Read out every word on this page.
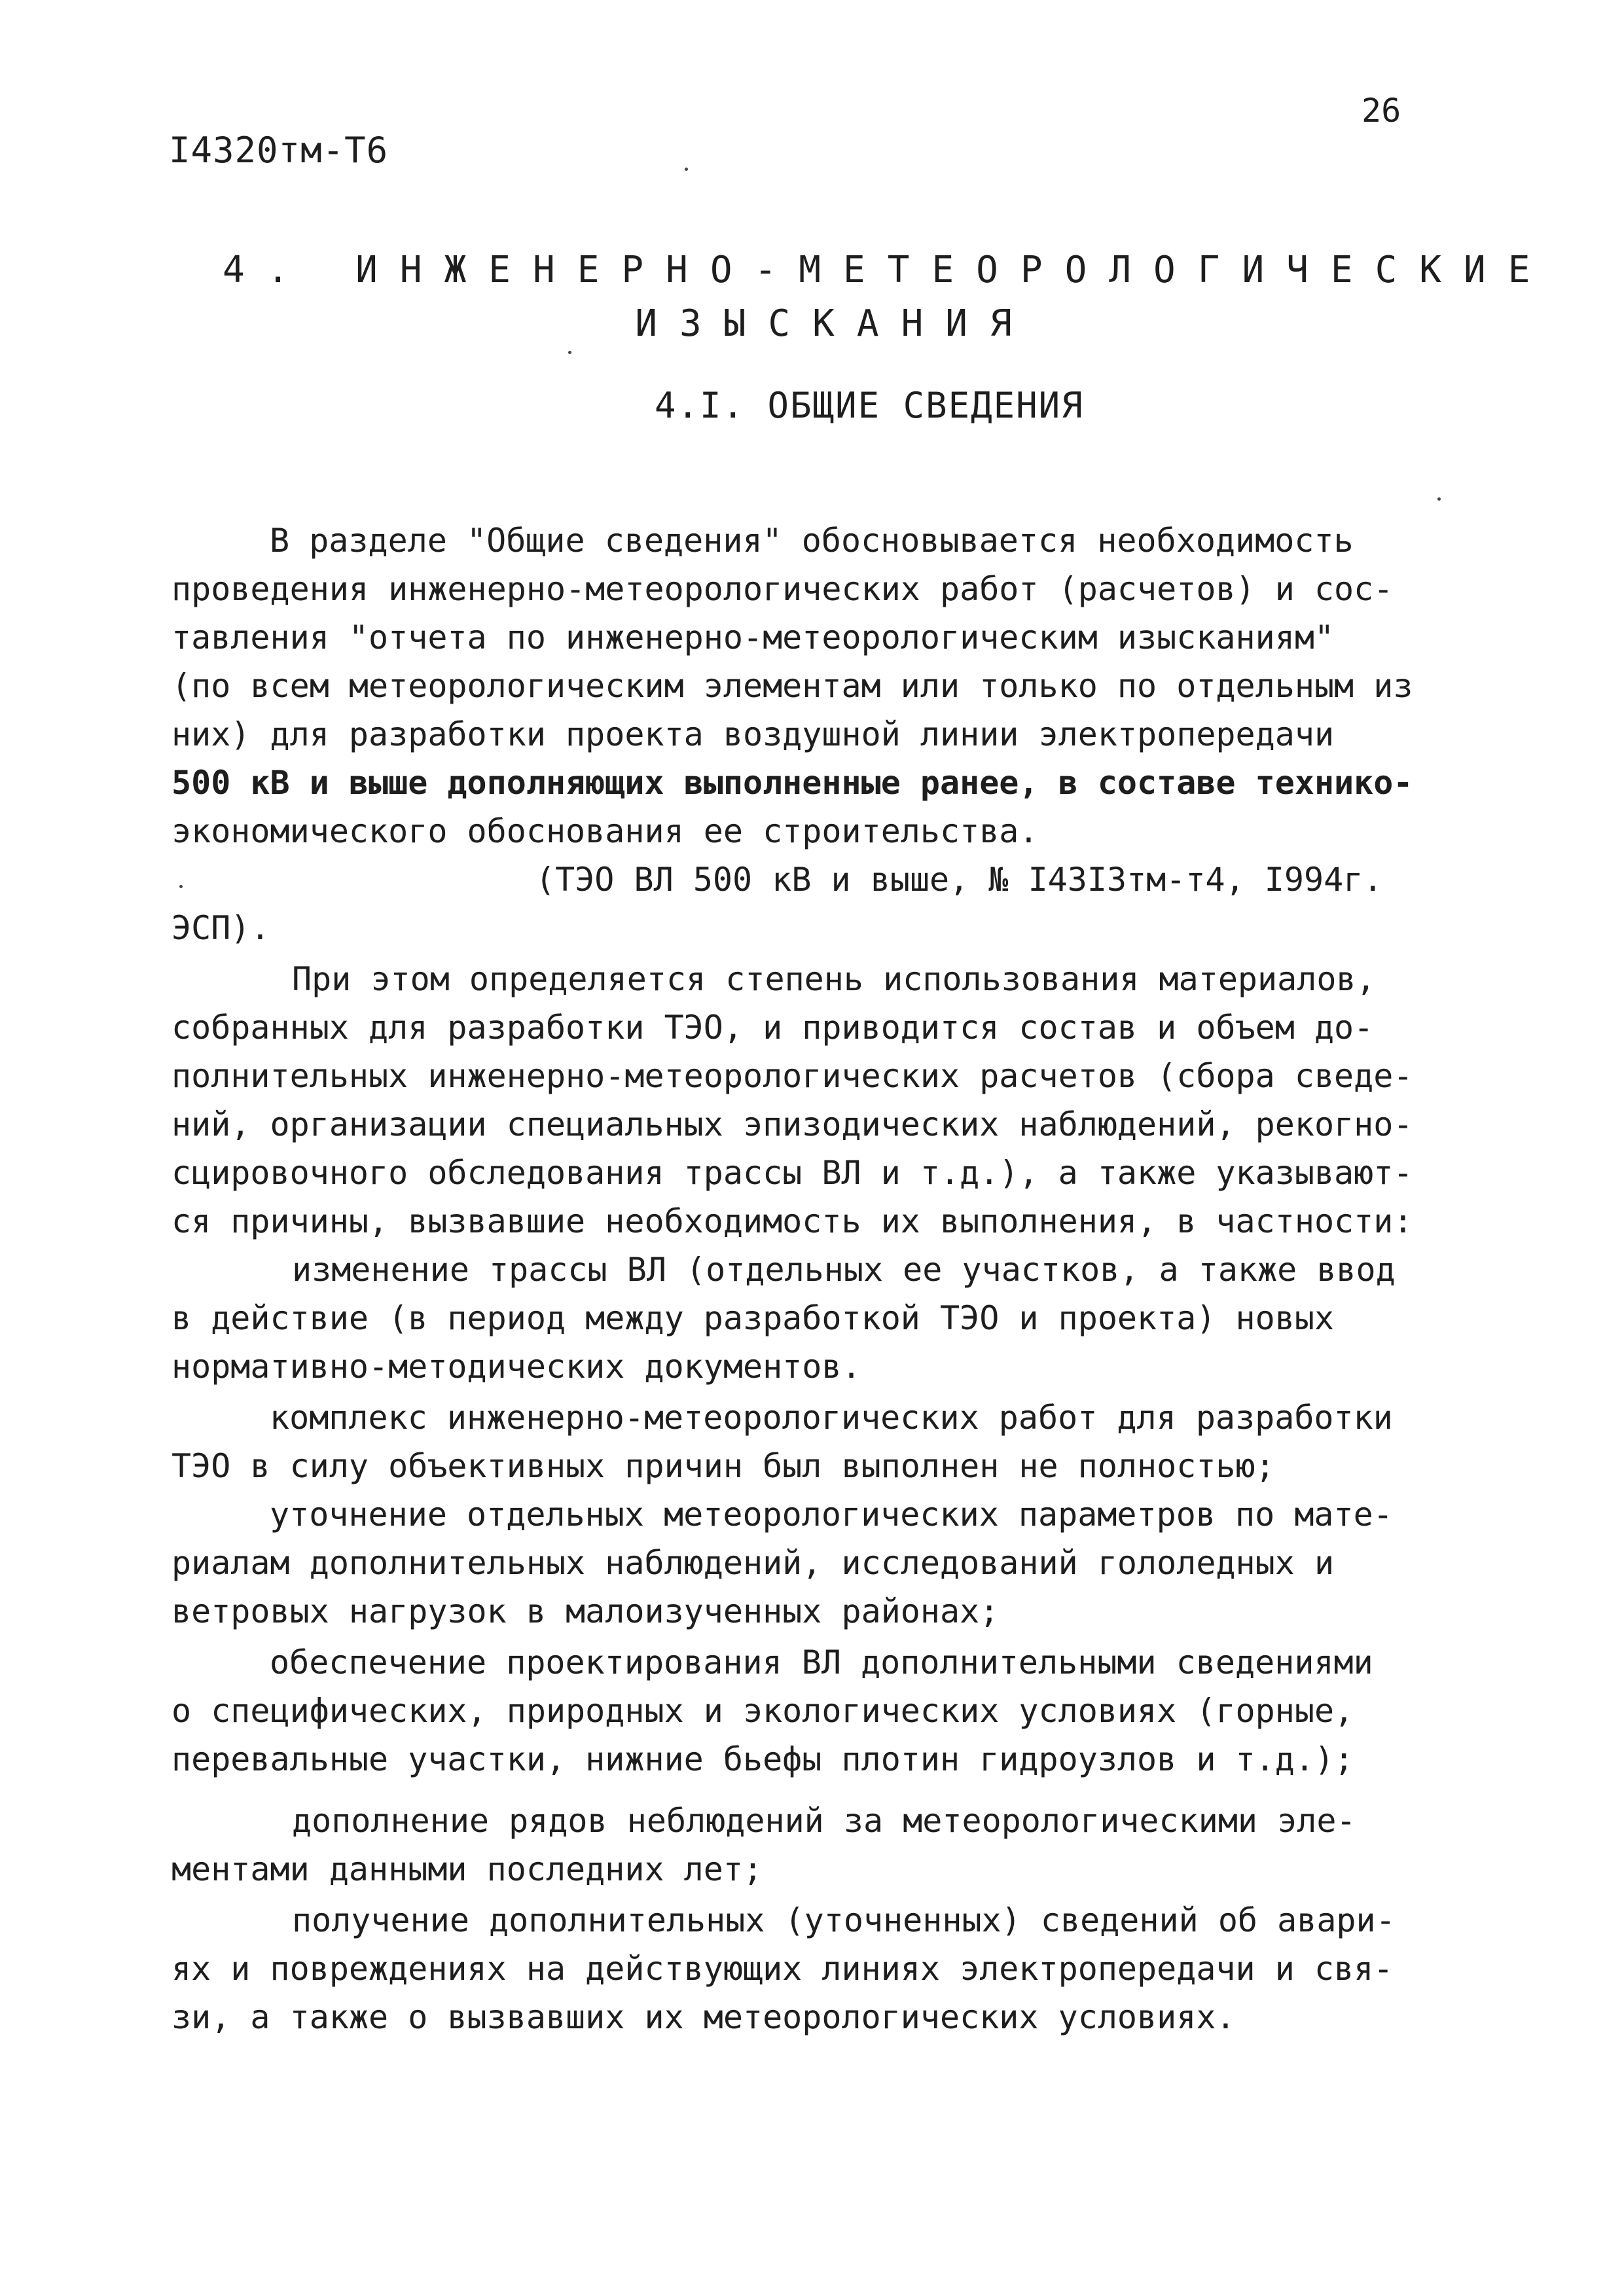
I4320тм-Т6
26
4. ИНЖЕНЕРНО-МЕТЕОРОЛОГИЧЕСКИЕ
ИЗЫСКАНИЯ
4.I. ОБЩИЕ СВЕДЕНИЯ
В разделе "Общие сведения" обосновывается необходимость
проведения инженерно-метеорологических работ (расчетов) и сос-
тавления "отчета по инженерно-метеорологическим изысканиям"
(по всем метеорологическим элементам или только по отдельным из
них) для разработки проекта воздушной линии электропередачи
500 кВ и выше дополняющих выполненные ранее, в составе технико-
экономического обоснования ее строительства.
(ТЭО ВЛ 500 кВ и выше, № I43I3тм-т4, I994г.
ЭСП).
При этом определяется степень использования материалов,
собранных для разработки ТЭО, и приводится состав и объем до-
полнительных инженерно-метеорологических расчетов (сбора сведе-
ний, организации специальных эпизодических наблюдений, рекогно-
сцировочного обследования трассы ВЛ и т.д.), а также указывают-
ся причины, вызвавшие необходимость их выполнения, в частности:
изменение трассы ВЛ (отдельных ее участков, а также ввод
в действие (в период между разработкой ТЭО и проекта) новых
нормативно-методических документов.
комплекс инженерно-метеорологических работ для разработки
ТЭО в силу объективных причин был выполнен не полностью;
уточнение отдельных метеорологических параметров по мате-
риалам дополнительных наблюдений, исследований гололедных и
ветровых нагрузок в малоизученных районах;
обеспечение проектирования ВЛ дополнительными сведениями
о специфических, природных и экологических условиях (горные,
перевальные участки, нижние бьефы плотин гидроузлов и т.д.);
дополнение рядов неблюдений за метеорологическими эле-
ментами данными последних лет;
получение дополнительных (уточненных) сведений об авари-
ях и повреждениях на действующих линиях электропередачи и свя-
зи, а также о вызвавших их метеорологических условиях.
